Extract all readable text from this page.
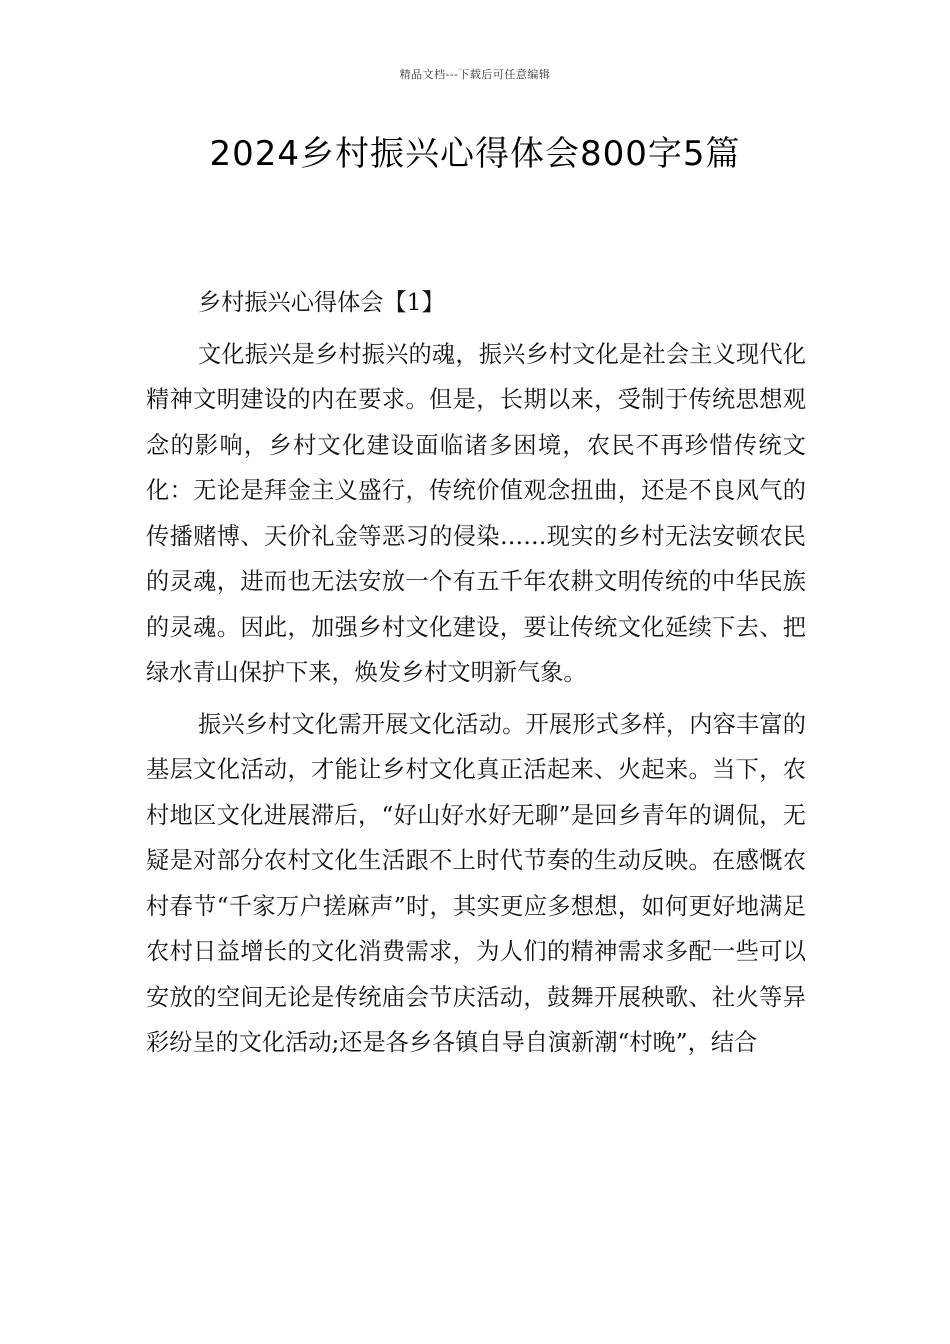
精品文档---下载后可任意编辑
2024乡村振兴心得体会800字5篇

乡村振兴心得体会【1】

文化振兴是乡村振兴的魂，振兴乡村文化是社会主义现代化精神文明建设的内在要求。但是，长期以来，受制于传统思想观念的影响，乡村文化建设面临诸多困境，农民不再珍惜传统文化：无论是拜金主义盛行，传统价值观念扭曲，还是不良风气的传播赌博、天价礼金等恶习的侵染……现实的乡村无法安顿农民的灵魂，进而也无法安放一个有五千年农耕文明传统的中华民族的灵魂。因此，加强乡村文化建设，要让传统文化延续下去、把绿水青山保护下来，焕发乡村文明新气象。

振兴乡村文化需开展文化活动。开展形式多样，内容丰富的基层文化活动，才能让乡村文化真正活起来、火起来。当下，农村地区文化进展滞后，“好山好水好无聊”是回乡青年的调侃，无疑是对部分农村文化生活跟不上时代节奏的生动反映。在感慨农村春节“千家万户搓麻声”时，其实更应多想想，如何更好地满足农村日益增长的文化消费需求，为人们的精神需求多配一些可以安放的空间无论是传统庙会节庆活动，鼓舞开展秧歌、社火等异彩纷呈的文化活动;还是各乡各镇自导自演新潮“村晚”，结合
